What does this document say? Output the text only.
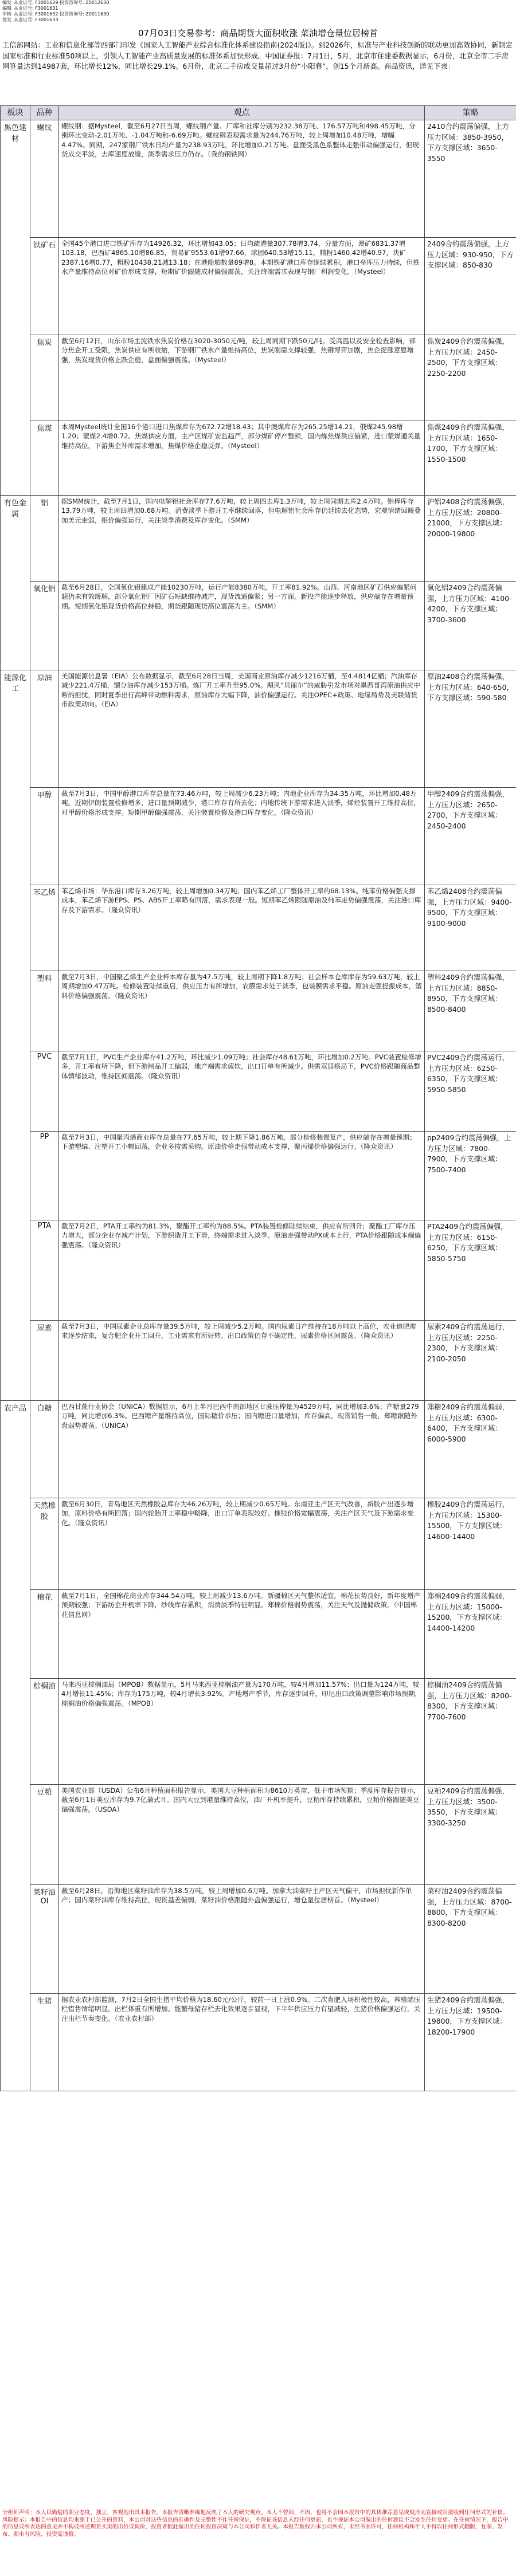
编发 从业证号: F3001629 投资咨询号: Z0012630
编辑 从业证号: F3001631
审核 从业证号: F3001632 投资咨询号: Z0011630
签发 从业证号: F3001633
07月03日交易参考：商品期货大面积收涨 菜油增仓量位居榜首
工信部网站：工业和信息化部等四部门印发《国家人工智能产业综合标准化体系建设指南(2024版)》。到2026年，标准与产业科技创新的联动更加高效协同，新制定国家标准和行业标准50项以上，引领人工智能产业高质量发展的标准体系加快形成。中国证券报：7月1日，5月，北京市住建委数据显示，6月份，北京全市二手房网签量达到14987套，环比增长12%，同比增长29.1%。6月份，北京二手房成交量超过3月份“小阳春”，创15个月新高。商品资讯，详见下表：
板块	品种	观点	策略
黑色建材	螺纹	螺纹钢：据Mysteel，截至6月27日当周，螺纹钢产量、厂库和社库分别为232.38万吨、176.57万吨和498.45万吨，分别环比变动-2.01万吨、-1.04万吨和-6.69万吨。螺纹钢表观需求量为244.76万吨，较上周增加10.48万吨，增幅4.47%。同期，247家钢厂铁水日均产量为238.93万吨，环比增加0.21万吨。盘面受黑色系整体走强带动偏强运行，但现货成交平淡，去库速度放缓，淡季需求压力仍存。（我的钢铁网）	2410合约震荡偏强，上方压力区域：3850-3950，下方支撑区域：3650-3550
	铁矿石	全国45个港口进口铁矿库存为14926.32，环比增加43.05；日均疏港量307.78增3.74，分量方面，澳矿6831.37增103.18，巴西矿4865.10增86.85，贸易矿9553.61增97.66，球团640.53增15.11，精粉1460.42增40.97，块矿2387.16增0.77，粗粉10438.21减13.18；在港船舶数量89增8。本期铁矿港口库存继续累积，港口垒库压力持续，但铁水产量维持高位对矿价形成支撑，短期矿价跟随成材偏强震荡，关注终端需求表现与钢厂利润变化。（Mysteel）	2409合约震荡偏强，上方压力区域：930-950，下方支撑区域：850-830
	焦炭	截至6月12日，山东市场主流铁水焦炭价格在3020-3050元/吨，较上周同期下跌50元/吨。受高温以及安全检查影响，部分焦企开工受限，焦炭供应有所收缩，下游钢厂铁水产量维持高位，焦炭刚需支撑较强，焦钢博弈加剧，焦企提涨意愿增强，焦炭现货价格止跌企稳，盘面偏强震荡。（Mysteel）	焦炭2409合约震荡偏强，上方压力区域：2450-2500，下方支撑区域：2250-2200
	焦煤	本周Mysteel统计全国16个港口进口焦煤库存为672.72增18.43；其中澳煤库存为265.25增14.21，俄煤245.98增1.20；蒙煤2.4增0.72。焦煤供应方面，主产区煤矿安监趋严，部分煤矿停产整顿，国内炼焦煤供应偏紧，进口蒙煤通关量维持高位，下游焦企补库需求增加，焦煤价格企稳反弹。（Mysteel）	焦煤2409合约震荡偏强，上方压力区域：1650-1700，下方支撑区域：1550-1500
有色金属	铝	据SMM统计，截至7月1日，国内电解铝社会库存77.6万吨，较上周四去库1.3万吨，较上周同期去库2.4万吨。铝棒库存13.79万吨，较上周四增加0.68万吨。消费淡季下游开工率继续回落，但电解铝社会库存仍延续去化态势，宏观情绪回暖叠加美元走弱，铝价偏强运行，关注淡季消费及库存变化。（SMM）	沪铝2408合约震荡偏强，上方压力区域：20800-21000，下方支撑区域：20000-19800
	氧化铝	截至6月28日，全国氧化铝建成产能10230万吨，运行产能8380万吨，开工率81.92%。山西、河南地区矿石供应偏紧问题仍未有效缓解，部分氧化铝厂因矿石短缺维持减产，现货流通偏紧；另一方面，新投产能逐步释放，供应端存在增量预期。短期氧化铝现货价格高位持稳，期货跟随现货高位震荡为主。（SMM）	氧化铝2409合约震荡偏强，上方压力区域：4100-4200，下方支撑区域：3700-3600
能源化工	原油	美国能源信息署（EIA）公布数据显示，截至6月28日当周，美国商业原油库存减少1216万桶，至4.4814亿桶；汽油库存减少221.4万桶，馏分油库存减少153万桶。炼厂开工率升至95.0%。飓风“贝丽尔”的威胁引发市场对墨西哥湾原油供应中断的担忧，同时夏季出行高峰带动燃料需求，原油库存大幅下降，油价偏强运行。关注OPEC+政策、地缘局势及美联储货币政策动向。（EIA）	原油2408合约震荡偏强，上方压力区域：640-650，下方支撑区域：590-580
	甲醇	截至7月3日，中国甲醇港口库存总量在73.46万吨，较上周减少6.23万吨；内地企业库存为34.35万吨，环比增加0.48万吨。近期伊朗装置检修增多，进口量预期减少，港口库存有所去化；内地传统下游需求进入淡季，烯烃装置开工维持高位，对甲醇价格形成支撑。短期甲醇偏强震荡，关注装置检修及港口库存变化。（隆众资讯）	甲醇2409合约震荡偏强，上方压力区域：2650-2700，下方支撑区域：2450-2400
	苯乙烯	苯乙烯市场：华东港口库存3.26万吨，较上周增加0.34万吨；国内苯乙烯工厂整体开工率约68.13%。纯苯价格偏强支撑成本，苯乙烯下游EPS、PS、ABS开工率略有回落，需求表现一般。短期苯乙烯跟随原油及纯苯走势偏强震荡，关注港口库存及下游需求。（隆众资讯）	苯乙烯2408合约震荡偏强，上方压力区域：9400-9500，下方支撑区域：9100-9000
	塑料	截至7月3日，中国聚乙烯生产企业样本库存量为47.5万吨，较上周期下降1.8万吨；社会样本仓库库存为59.63万吨，较上周期增加0.47万吨。检修装置陆续重启，供应压力有所增加，农膜需求处于淡季，包装膜需求平稳。原油走强提振成本，塑料价格偏强震荡。（隆众资讯）	塑料2409合约震荡偏强，上方压力区域：8850-8950，下方支撑区域：8500-8400
	PVC	截至7月1日，PVC生产企业库存41.2万吨，环比减少1.09万吨；社会库存48.61万吨，环比增加0.2万吨。PVC装置检修增多，开工率有所下降，但下游制品开工偏弱，地产端需求疲软，出口订单有所减少。供需双弱格局下，PVC价格跟随商品整体情绪波动，维持区间震荡。（隆众资讯）	PVC2409合约震荡运行，上方压力区域：6250-6350，下方支撑区域：5950-5850
	PP	截至7月3日，中国聚丙烯商业库存总量在77.65万吨，较上期下降1.86万吨。部分检修装置复产，供应端存在增量预期；下游塑编、注塑开工小幅回落，企业多按需采购。原油价格走强带动成本支撑，聚丙烯价格偏强运行。（隆众资讯）	pp2409合约震荡偏强，上方压力区域：7800-7900，下方支撑区域：7500-7400
	PTA	截至7月2日，PTA开工率约为81.3%，聚酯开工率约为88.5%。PTA装置检修陆续结束，供应有所回升；聚酯工厂库存压力增大，部分企业存减产计划，下游织造开工下滑，终端需求进入淡季。原油走强带动PX成本上行，PTA价格跟随成本端偏强震荡。（隆众资讯）	PTA2409合约震荡偏强，上方压力区域：6150-6250，下方支撑区域：5850-5750
	尿素	截至7月3日，中国尿素企业总库存量39.5万吨，较上周减少5.2万吨。国内尿素日产维持在18万吨以上高位，农业追肥需求逐步结束，复合肥企业开工回升，工业需求有所好转。出口政策仍存不确定性，尿素价格区间震荡。（隆众资讯）	尿素2409合约震荡运行，上方压力区域：2250-2300，下方支撑区域：2100-2050
农产品	白糖	巴西甘蔗行业协会（UNICA）数据显示，6月上半月巴西中南部地区甘蔗压榨量为4529万吨，同比增加3.6%；产糖量279万吨，同比增加6.3%。巴西糖产量维持高位，国际糖价承压；国内糖进口量增加，库存偏高，现货销售一般，郑糖跟随外盘弱势震荡。（UNICA）	郑糖2409合约震荡偏弱，上方压力区域：6300-6400，下方支撑区域：6000-5900
	天然橡胶	截至6月30日，青岛地区天然橡胶总库存为46.26万吨，较上期减少0.65万吨。东南亚主产区天气改善，新胶产出逐步增加，原料价格有所回落；国内轮胎开工率稳中略降，出口订单表现较好。橡胶价格宽幅震荡，关注产区天气及下游需求变化。（隆众资讯）	橡胶2409合约震荡运行，上方压力区域：15300-15500，下方支撑区域：14600-14400
	棉花	截至7月1日，全国棉花商业库存344.54万吨，较上周减少13.6万吨。新疆棉区天气整体适宜，棉花长势良好，新年度增产预期较强；下游纺企开机率下降，纱线库存累积，消费淡季特征明显。郑棉价格弱势震荡，关注天气及抛储政策。（中国棉花信息网）	郑棉2409合约震荡偏弱，上方压力区域：15000-15200，下方支撑区域：14400-14200
	棕榈油	马来西亚棕榈油局（MPOB）数据显示，5月马来西亚棕榈油产量为170万吨，较4月增加11.57%；出口量为124万吨，较4月增长11.45%；库存为175万吨，较4月增长3.92%。产地增产季节，库存逐步回升，印尼出口政策调整影响市场预期，棕榈油价格偏强震荡。（MPOB）	棕榈油2409合约震荡偏强，上方压力区域：8200-8300，下方支撑区域：7700-7600
	豆粕	美国农业部（USDA）公布6月种植面积报告显示，美国大豆种植面积为8610万英亩，低于市场预期；季度库存报告显示，截至6月1日美豆库存为9.7亿蒲式耳。国内大豆到港量维持高位，油厂开机率提升，豆粕库存持续累积，豆粕价格跟随美豆偏强震荡。（USDA）	豆粕2409合约震荡偏强，上方压力区域：3500-3550，下方支撑区域：3300-3250
	菜籽油OI	截至6月28日，沿海地区菜籽油库存为38.5万吨，较上周增加0.6万吨。加拿大油菜籽主产区天气偏干，市场担忧新作单产；国内菜籽油库存维持高位，现货基差偏弱，菜籽油价格跟随外盘偏强运行，增仓量位居榜首。（Mysteel）	菜籽油2409合约震荡偏强，上方压力区域：8700-8800，下方支撑区域：8300-8200
	生猪	据农业农村部监测，7月2日全国生猪平均价格为18.60元/公斤，较前一日上涨0.9%。二次育肥入场积极性较高，养殖端压栏惜售情绪明显，出栏体重有所增加。能繁母猪存栏去化效果逐步显现，下半年供应压力有望减轻，生猪价格偏强运行，关注出栏节奏变化。（农业农村部）	生猪2409合约震荡偏强，上方压力区域：19500-19800，下方支撑区域：18200-17900
分析师声明：本人以勤勉的职业态度，独立、客观地出具本报告。本报告清晰准确地反映了本人的研究观点。本人不曾因，不因，也将不会因本报告中的具体推荐意见或观点而直接或间接收到任何形式的补偿。风险提示：本报告中的信息均来源于已公开的资料，本公司对这些信息的准确性及完整性不作任何保证，不保证该信息未经任何更新，也不保证本公司做出的任何建议不会发生任何变更。在任何情况下，报告中的信息或所表达的意见并不构成所述期货买卖的出价或询价，投资者据此做出的任何投资决策与本公司和作者无关。本报告版权归本公司所有，未经书面许可，任何机构和个人不得以任何形式翻版、复制、发布。期市有风险，投资需谨慎。
